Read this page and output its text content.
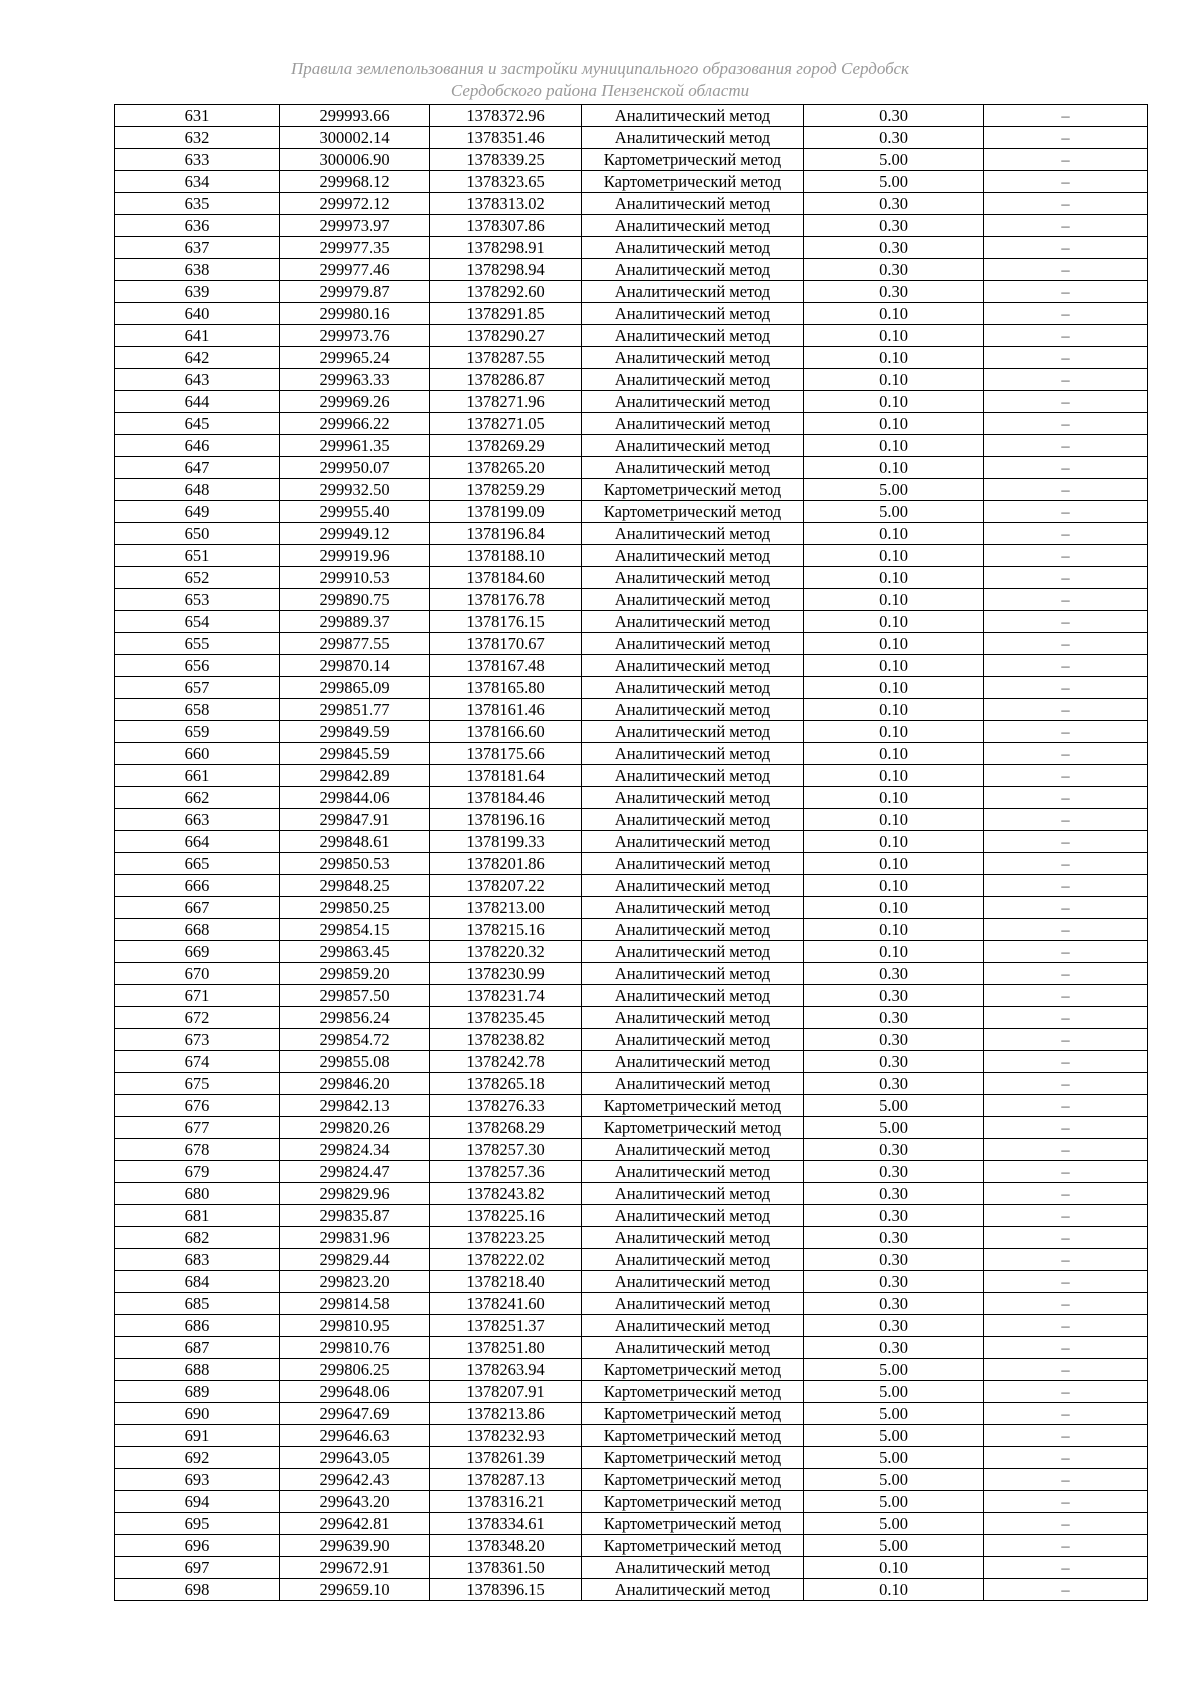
Правила землепользования и застройки муниципального образования город Сердобск
Сердобского района Пензенской области
631	299993.66	1378372.96	Аналитический метод	0.30	–
632	300002.14	1378351.46	Аналитический метод	0.30	–
633	300006.90	1378339.25	Картометрический метод	5.00	–
634	299968.12	1378323.65	Картометрический метод	5.00	–
635	299972.12	1378313.02	Аналитический метод	0.30	–
636	299973.97	1378307.86	Аналитический метод	0.30	–
637	299977.35	1378298.91	Аналитический метод	0.30	–
638	299977.46	1378298.94	Аналитический метод	0.30	–
639	299979.87	1378292.60	Аналитический метод	0.30	–
640	299980.16	1378291.85	Аналитический метод	0.10	–
641	299973.76	1378290.27	Аналитический метод	0.10	–
642	299965.24	1378287.55	Аналитический метод	0.10	–
643	299963.33	1378286.87	Аналитический метод	0.10	–
644	299969.26	1378271.96	Аналитический метод	0.10	–
645	299966.22	1378271.05	Аналитический метод	0.10	–
646	299961.35	1378269.29	Аналитический метод	0.10	–
647	299950.07	1378265.20	Аналитический метод	0.10	–
648	299932.50	1378259.29	Картометрический метод	5.00	–
649	299955.40	1378199.09	Картометрический метод	5.00	–
650	299949.12	1378196.84	Аналитический метод	0.10	–
651	299919.96	1378188.10	Аналитический метод	0.10	–
652	299910.53	1378184.60	Аналитический метод	0.10	–
653	299890.75	1378176.78	Аналитический метод	0.10	–
654	299889.37	1378176.15	Аналитический метод	0.10	–
655	299877.55	1378170.67	Аналитический метод	0.10	–
656	299870.14	1378167.48	Аналитический метод	0.10	–
657	299865.09	1378165.80	Аналитический метод	0.10	–
658	299851.77	1378161.46	Аналитический метод	0.10	–
659	299849.59	1378166.60	Аналитический метод	0.10	–
660	299845.59	1378175.66	Аналитический метод	0.10	–
661	299842.89	1378181.64	Аналитический метод	0.10	–
662	299844.06	1378184.46	Аналитический метод	0.10	–
663	299847.91	1378196.16	Аналитический метод	0.10	–
664	299848.61	1378199.33	Аналитический метод	0.10	–
665	299850.53	1378201.86	Аналитический метод	0.10	–
666	299848.25	1378207.22	Аналитический метод	0.10	–
667	299850.25	1378213.00	Аналитический метод	0.10	–
668	299854.15	1378215.16	Аналитический метод	0.10	–
669	299863.45	1378220.32	Аналитический метод	0.10	–
670	299859.20	1378230.99	Аналитический метод	0.30	–
671	299857.50	1378231.74	Аналитический метод	0.30	–
672	299856.24	1378235.45	Аналитический метод	0.30	–
673	299854.72	1378238.82	Аналитический метод	0.30	–
674	299855.08	1378242.78	Аналитический метод	0.30	–
675	299846.20	1378265.18	Аналитический метод	0.30	–
676	299842.13	1378276.33	Картометрический метод	5.00	–
677	299820.26	1378268.29	Картометрический метод	5.00	–
678	299824.34	1378257.30	Аналитический метод	0.30	–
679	299824.47	1378257.36	Аналитический метод	0.30	–
680	299829.96	1378243.82	Аналитический метод	0.30	–
681	299835.87	1378225.16	Аналитический метод	0.30	–
682	299831.96	1378223.25	Аналитический метод	0.30	–
683	299829.44	1378222.02	Аналитический метод	0.30	–
684	299823.20	1378218.40	Аналитический метод	0.30	–
685	299814.58	1378241.60	Аналитический метод	0.30	–
686	299810.95	1378251.37	Аналитический метод	0.30	–
687	299810.76	1378251.80	Аналитический метод	0.30	–
688	299806.25	1378263.94	Картометрический метод	5.00	–
689	299648.06	1378207.91	Картометрический метод	5.00	–
690	299647.69	1378213.86	Картометрический метод	5.00	–
691	299646.63	1378232.93	Картометрический метод	5.00	–
692	299643.05	1378261.39	Картометрический метод	5.00	–
693	299642.43	1378287.13	Картометрический метод	5.00	–
694	299643.20	1378316.21	Картометрический метод	5.00	–
695	299642.81	1378334.61	Картометрический метод	5.00	–
696	299639.90	1378348.20	Картометрический метод	5.00	–
697	299672.91	1378361.50	Аналитический метод	0.10	–
698	299659.10	1378396.15	Аналитический метод	0.10	–
